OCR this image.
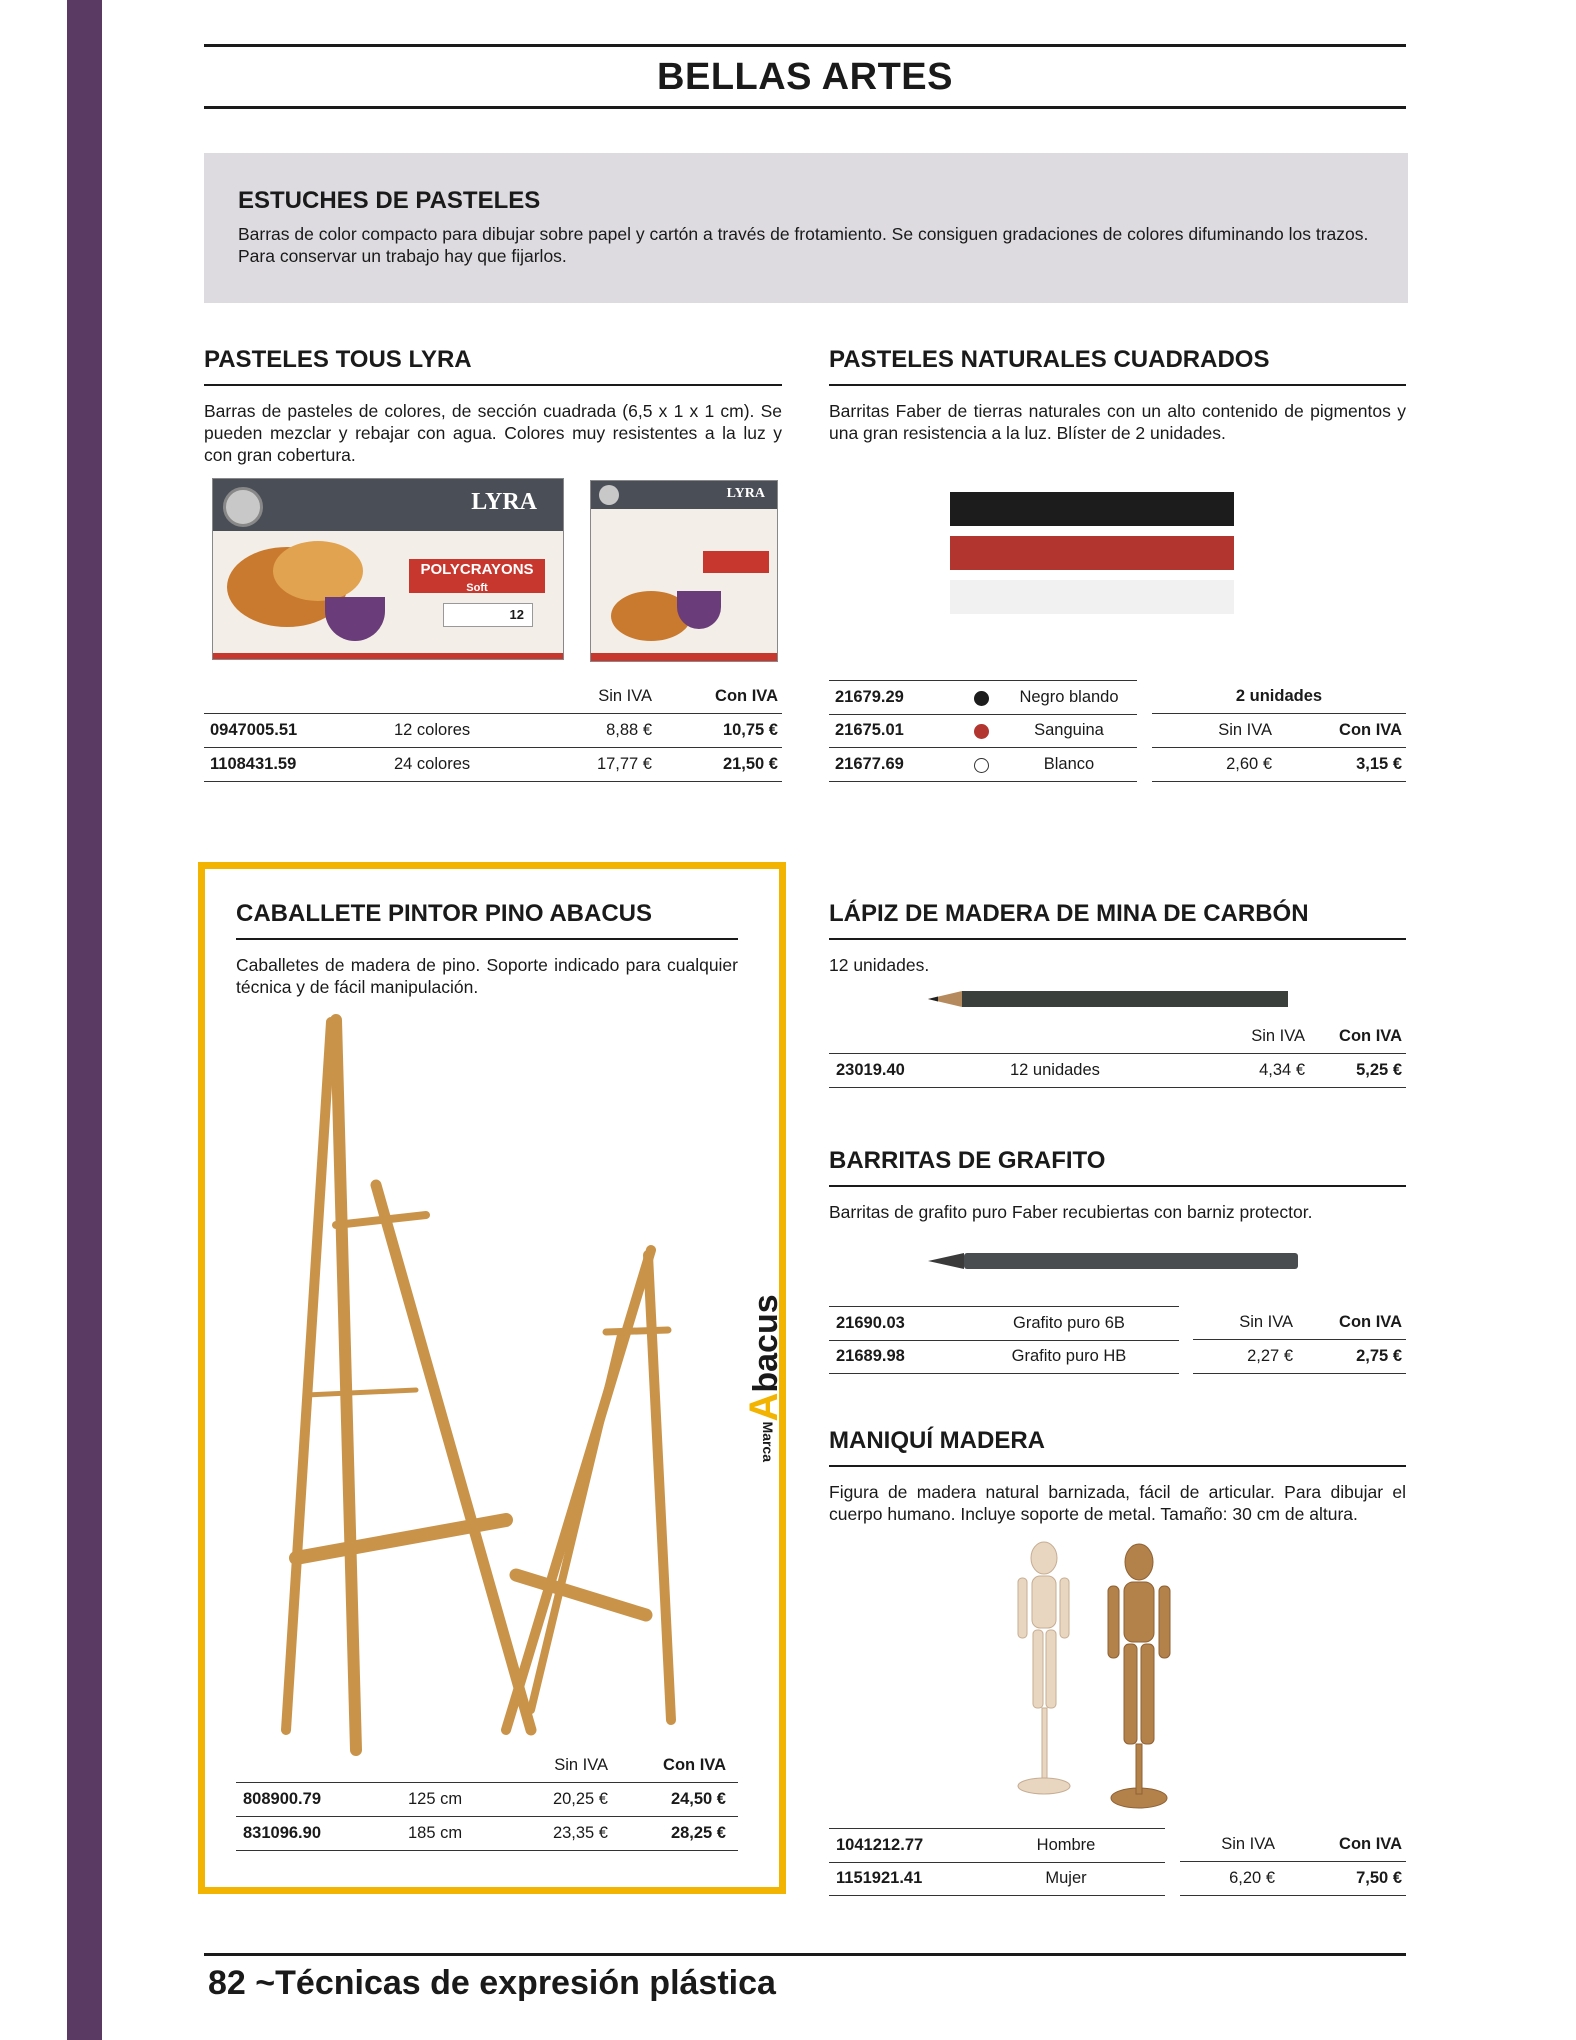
BELLAS ARTES
ESTUCHES DE PASTELES
Barras de color compacto para dibujar sobre papel y cartón a través de frotamiento. Se consiguen gradaciones de colores difuminando los trazos. Para conservar un trabajo hay que fijarlos.
PASTELES TOUS LYRA
Barras de pasteles de colores, de sección cuadrada (6,5 x 1 x 1 cm). Se pueden mezclar y rebajar con agua. Colores muy resistentes a la luz y con gran cobertura.
LYRA
POLYCRAYONS
Soft
12
LYRA
Sin IVA	Con IVA
0947005.51	12 colores	8,88 €	10,75 €
1108431.59	24 colores	17,77 €	21,50 €
PASTELES NATURALES CUADRADOS
Barritas Faber de tierras naturales con un alto contenido de pigmentos y una gran resistencia a la luz. Blíster de 2 unidades.
21679.29	Negro blando
21675.01	Sanguina
21677.69	Blanco
2 unidades
Sin IVA	Con IVA
2,60 €	3,15 €
CABALLETE PINTOR PINO ABACUS
Caballetes de madera de pino. Soporte indicado para cualquier técnica y de fácil manipulación.
MarcaAbacus
Sin IVA	Con IVA
808900.79	125 cm	20,25 €	24,50 €
831096.90	185 cm	23,35 €	28,25 €
LÁPIZ DE MADERA DE MINA DE CARBÓN
12 unidades.
Sin IVA	Con IVA
23019.40	12 unidades	4,34 €	5,25 €
BARRITAS DE GRAFITO
Barritas de grafito puro Faber recubiertas con barniz protector.
21690.03	Grafito puro 6B
21689.98	Grafito puro HB
Sin IVA	Con IVA
2,27 €	2,75 €
MANIQUÍ MADERA
Figura de madera natural barnizada, fácil de articular. Para dibujar el cuerpo humano. Incluye soporte de metal. Tamaño: 30 cm de altura.
1041212.77	Hombre
1151921.41	Mujer
Sin IVA	Con IVA
6,20 €	7,50 €
82 ~Técnicas de expresión plástica
